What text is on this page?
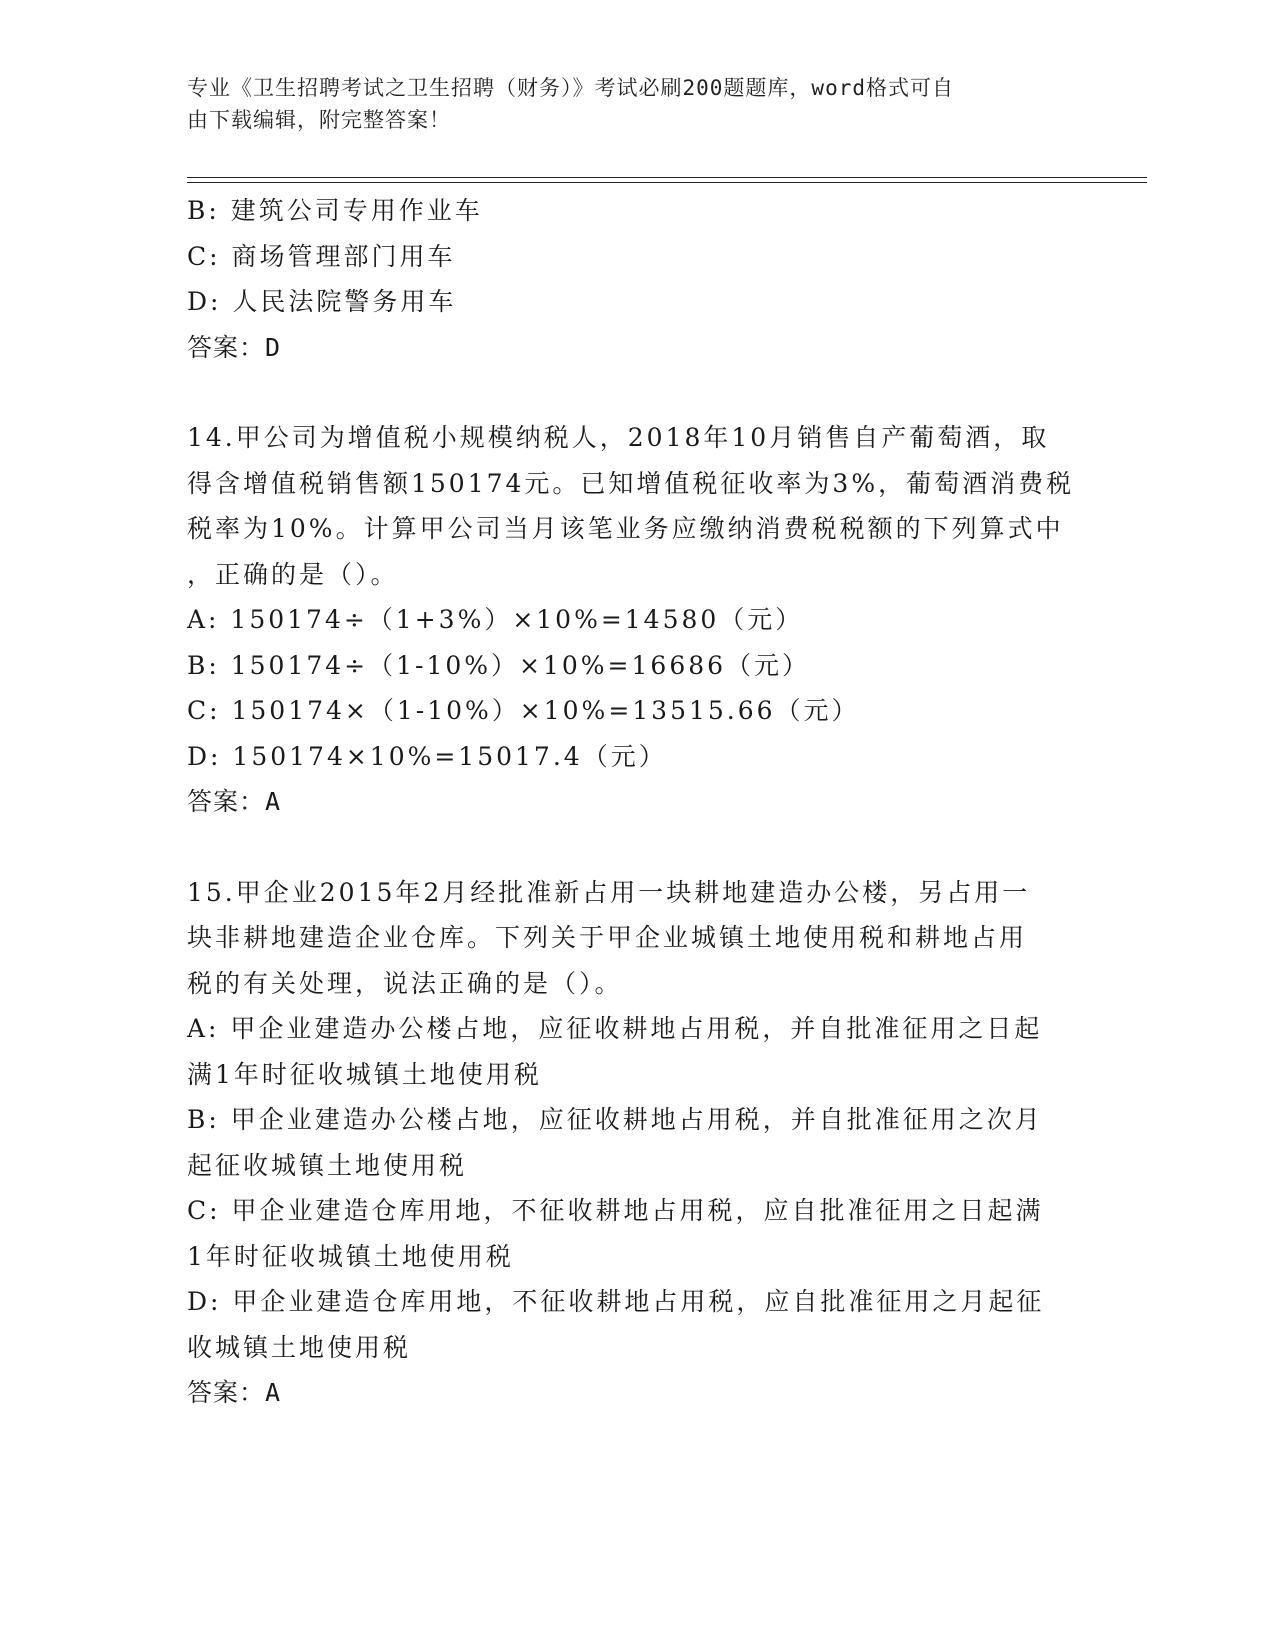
专业《卫生招聘考试之卫生招聘（财务）》考试必刷200题题库，word格式可自
由下载编辑，附完整答案！
B: 建筑公司专用作业车
C: 商场管理部门用车
D: 人民法院警务用车
答案：D
14.甲公司为增值税小规模纳税人，2018年10月销售自产葡萄酒，取
得含增值税销售额150174元。已知增值税征收率为3%，葡萄酒消费税
税率为10%。计算甲公司当月该笔业务应缴纳消费税税额的下列算式中
，正确的是（）。
A: 150174÷（1+3%）×10%=14580（元）
B: 150174÷（1-10%）×10%=16686（元）
C: 150174×（1-10%）×10%=13515.66（元）
D: 150174×10%=15017.4（元）
答案：A
15.甲企业2015年2月经批准新占用一块耕地建造办公楼，另占用一
块非耕地建造企业仓库。下列关于甲企业城镇土地使用税和耕地占用
税的有关处理，说法正确的是（）。
A: 甲企业建造办公楼占地，应征收耕地占用税，并自批准征用之日起
满1年时征收城镇土地使用税
B: 甲企业建造办公楼占地，应征收耕地占用税，并自批准征用之次月
起征收城镇土地使用税
C: 甲企业建造仓库用地，不征收耕地占用税，应自批准征用之日起满
1年时征收城镇土地使用税
D: 甲企业建造仓库用地，不征收耕地占用税，应自批准征用之月起征
收城镇土地使用税
答案：A
